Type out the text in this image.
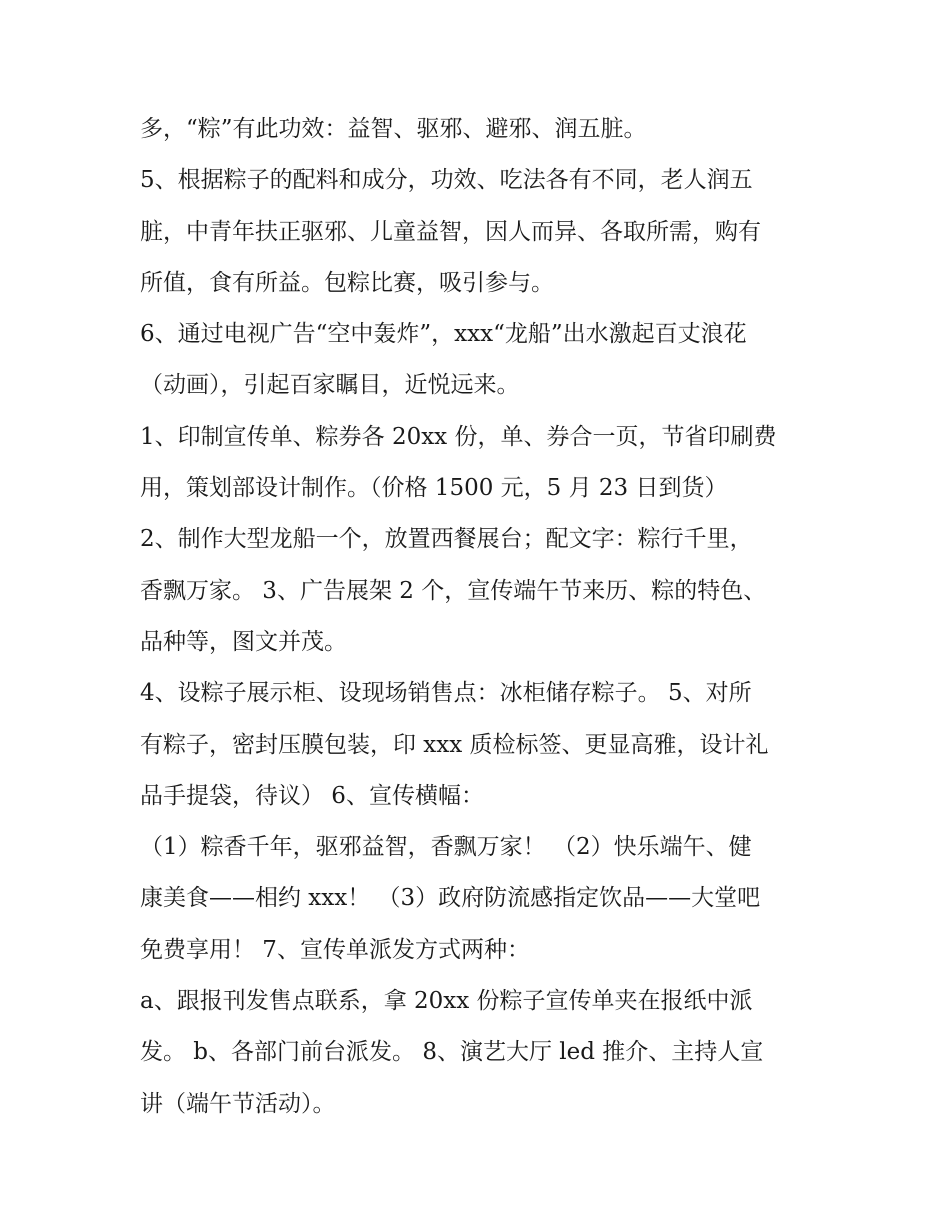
多，“粽”有此功效：益智、驱邪、避邪、润五脏。
5、根据粽子的配料和成分，功效、吃法各有不同，老人润五
脏，中青年扶正驱邪、儿童益智，因人而异、各取所需，购有
所值，食有所益。包粽比赛，吸引参与。
6、通过电视广告“空中轰炸”，xxx“龙船”出水激起百丈浪花
（动画），引起百家瞩目，近悦远来。
1、印制宣传单、粽券各 20xx 份，单、券合一页，节省印刷费
用，策划部设计制作。（价格 1500 元，5 月 23 日到货）
2、制作大型龙船一个，放置西餐展台；配文字：粽行千里，
香飘万家。 3、广告展架 2 个，宣传端午节来历、粽的特色、
品种等，图文并茂。
4、设粽子展示柜、设现场销售点：冰柜储存粽子。 5、对所
有粽子，密封压膜包装，印 xxx 质检标签、更显高雅，设计礼
品手提袋，待议） 6、宣传横幅：
（1）粽香千年，驱邪益智，香飘万家！ （2）快乐端午、健
康美食——相约 xxx！ （3）政府防流感指定饮品——大堂吧
免费享用！ 7、宣传单派发方式两种：
a、跟报刊发售点联系，拿 20xx 份粽子宣传单夹在报纸中派
发。 b、各部门前台派发。 8、演艺大厅 led 推介、主持人宣
讲（端午节活动）。
